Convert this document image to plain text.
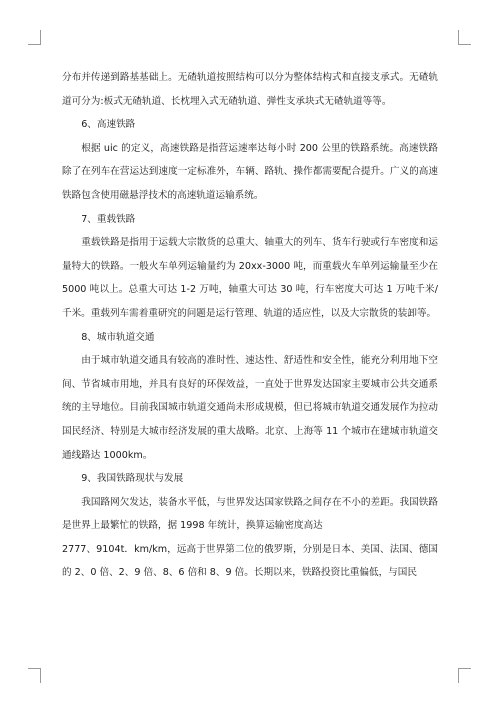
分布并传递到路基基础上。无碴轨道按照结构可以分为整体结构式和直接支承式。无碴轨道可分为:板式无碴轨道、长枕埋入式无碴轨道、弹性支承块式无碴轨道等等。

6、高速铁路

根据 uic 的定义，高速铁路是指营运速率达每小时 200 公里的铁路系统。高速铁路除了在列车在营运达到速度一定标准外，车辆、路轨、操作都需要配合提升。广义的高速铁路包含使用磁悬浮技术的高速轨道运输系统。

7、重载铁路

重载铁路是指用于运载大宗散货的总重大、轴重大的列车、货车行驶或行车密度和运量特大的铁路。一般火车单列运输量约为 20xx-3000 吨，而重载火车单列运输量至少在 5000 吨以上。总重大可达 1-2 万吨，轴重大可达 30 吨，行车密度大可达 1 万吨千米/千米。重载列车需着重研究的问题是运行管理、轨道的适应性，以及大宗散货的装卸等。

8、城市轨道交通

由于城市轨道交通具有较高的准时性、速达性、舒适性和安全性，能充分利用地下空间、节省城市用地，并具有良好的环保效益，一直处于世界发达国家主要城市公共交通系统的主导地位。目前我国城市轨道交通尚未形成规模，但已将城市轨道交通发展作为拉动国民经济、特别是大城市经济发展的重大战略。北京、上海等 11 个城市在建城市轨道交通线路达 1000km。

9、我国铁路现状与发展

我国路网欠发达，装备水平低，与世界发达国家铁路之间存在不小的差距。我国铁路是世界上最繁忙的铁路，据 1998 年统计，换算运输密度高达

2777、9104t．km/km，远高于世界第二位的俄罗斯，分别是日本、美国、法国、德国的 2、0 倍、2、9 倍、8、6 倍和 8、9 倍。长期以来，铁路投资比重偏低，与国民
